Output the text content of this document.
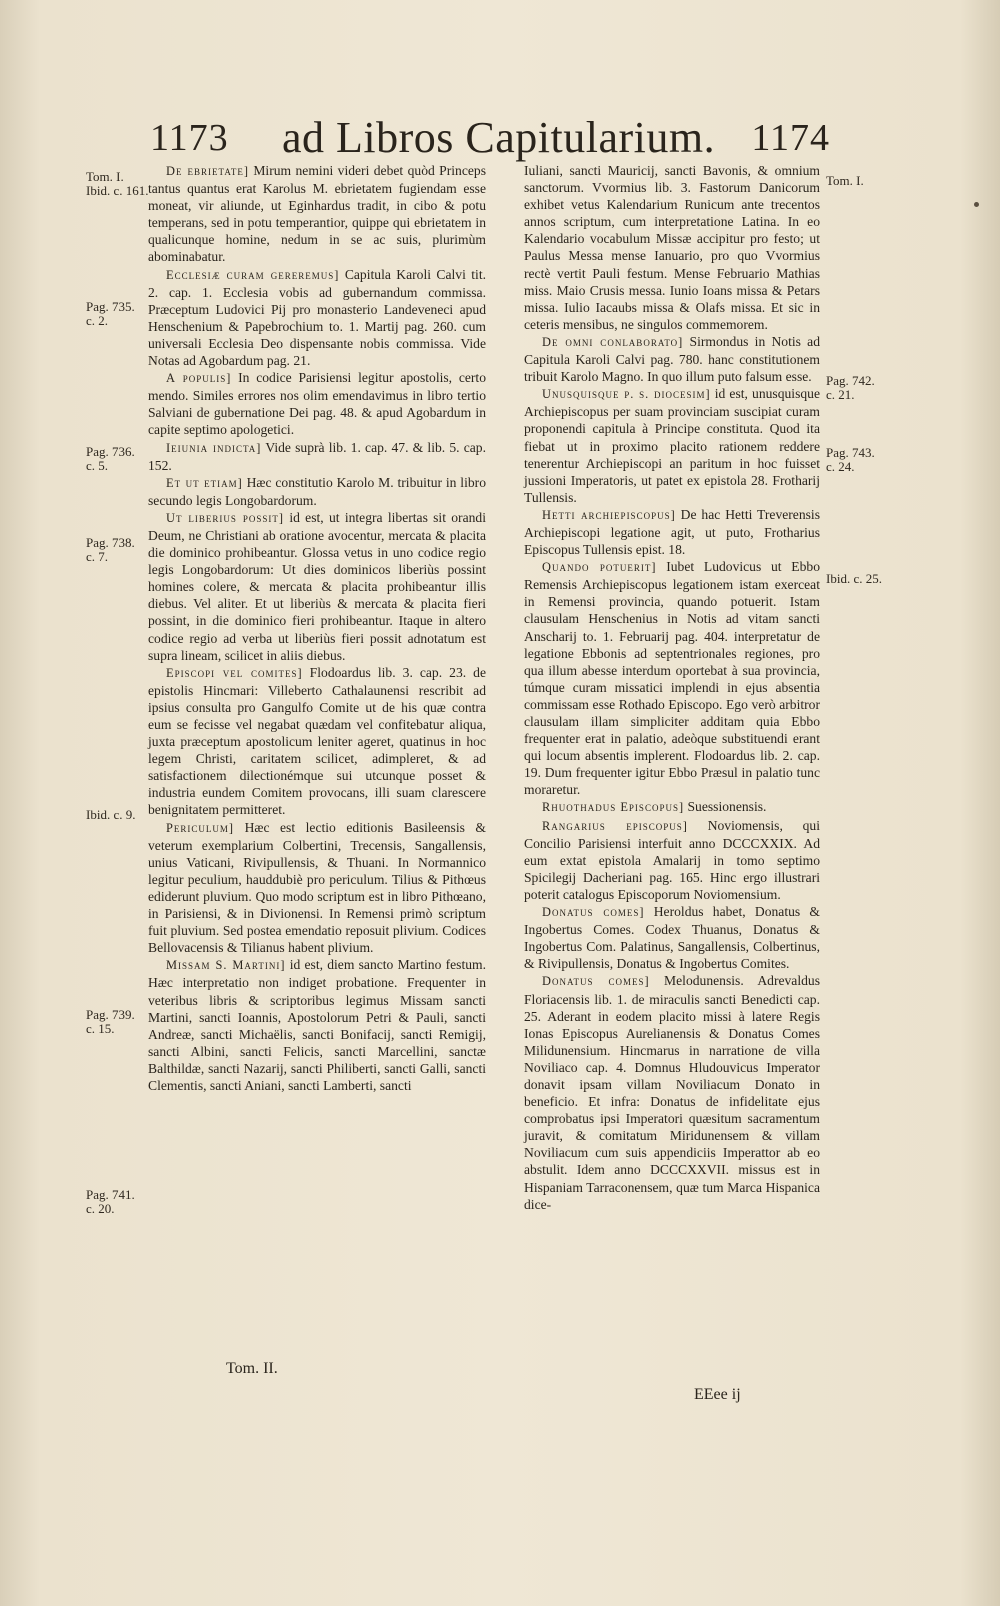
1173 ad Libros Capitularium. 1174
Tom. I.
Ibid. c. 161.
Pag. 735.
c. 2.
Pag. 736.
c. 5.
Pag. 738.
c. 7.
Ibid. c. 9.
Pag. 739.
c. 15.
Pag. 741.
c. 20.
Tom. I.
Pag. 742.
c. 21.
Pag. 743.
c. 24.
Ibid. c. 25.

De ebrietate] Mirum nemini videri debet quòd Princeps tantus quantus erat Karolus M. ebrietatem fugiendam esse moneat, vir aliunde, ut Eginhardus tradit, in cibo & potu temperans, sed in potu temperantior, quippe qui ebrietatem in qualicunque homine, nedum in se ac suis, plurimùm abominabatur.

Ecclesiæ curam gereremus] Capitula Karoli Calvi tit. 2. cap. 1. Ecclesia vobis ad gubernandum commissa. Præceptum Ludovici Pij pro monasterio Landeveneci apud Henschenium & Papebrochium to. 1. Martij pag. 260. cum universali Ecclesia Deo dispensante nobis commissa. Vide Notas ad Agobardum pag. 21.

A populis] In codice Parisiensi legitur apostolis, certo mendo. Similes errores nos olim emendavimus in libro tertio Salviani de gubernatione Dei pag. 48. & apud Agobardum in capite septimo apologetici.

Ieiunia indicta] Vide suprà lib. 1. cap. 47. & lib. 5. cap. 152.

Et ut etiam] Hæc constitutio Karolo M. tribuitur in libro secundo legis Longobardorum.

Ut liberius possit] id est, ut integra libertas sit orandi Deum, ne Christiani ab oratione avocentur, mercata & placita die dominico prohibeantur. Glossa vetus in uno codice regio legis Longobardorum: Ut dies dominicos liberiùs possint homines colere, & mercata & placita prohibeantur illis diebus. Vel aliter. Et ut liberiùs & mercata & placita fieri possint, in die dominico fieri prohibeantur. Itaque in altero codice regio ad verba ut liberiùs fieri possit adnotatum est supra lineam, scilicet in aliis diebus.

Episcopi vel comites] Flodoardus lib. 3. cap. 23. de epistolis Hincmari: Villeberto Cathalaunensi rescribit ad ipsius consulta pro Gangulfo Comite ut de his quæ contra eum se fecisse vel negabat quædam vel confitebatur aliqua, juxta præceptum apostolicum leniter ageret, quatinus in hoc legem Christi, caritatem scilicet, adimpleret, & ad satisfactionem dilectionémque sui utcunque posset & industria eundem Comitem provocans, illi suam clarescere benignitatem permitteret.

Periculum] Hæc est lectio editionis Basileensis & veterum exemplarium Colbertini, Trecensis, Sangallensis, unius Vaticani, Rivipullensis, & Thuani. In Normannico legitur peculium, hauddubiè pro periculum. Tilius & Pithœus ediderunt pluvium. Quo modo scriptum est in libro Pithœano, in Parisiensi, & in Divionensi. In Remensi primò scriptum fuit pluvium. Sed postea emendatio reposuit plivium. Codices Bellovacensis & Tilianus habent plivium.

Missam S. Martini] id est, diem sancto Martino festum. Hæc interpretatio non indiget probatione. Frequenter in veteribus libris & scriptoribus legimus Missam sancti Martini, sancti Ioannis, Apostolorum Petri & Pauli, sancti Andreæ, sancti Michaëlis, sancti Bonifacij, sancti Remigij, sancti Albini, sancti Felicis, sancti Marcellini, sanctæ Balthildæ, sancti Nazarij, sancti Philiberti, sancti Galli, sancti Clementis, sancti Aniani, sancti Lamberti, sancti

Iuliani, sancti Mauricij, sancti Bavonis, & omnium sanctorum. Vvormius lib. 3. Fastorum Danicorum exhibet vetus Kalendarium Runicum ante trecentos annos scriptum, cum interpretatione Latina. In eo Kalendario vocabulum Missæ accipitur pro festo; ut Paulus Messa mense Ianuario, pro quo Vvormius rectè vertit Pauli festum. Mense Februario Mathias miss. Maio Crusis messa. Iunio Ioans missa & Petars missa. Iulio Iacaubs missa & Olafs missa. Et sic in ceteris mensibus, ne singulos commemorem.

De omni conlaborato] Sirmondus in Notis ad Capitula Karoli Calvi pag. 780. hanc constitutionem tribuit Karolo Magno. In quo illum puto falsum esse.

Unusquisque p. s. diocesim] id est, unusquisque Archiepiscopus per suam provinciam suscipiat curam proponendi capitula à Principe constituta. Quod ita fiebat ut in proximo placito rationem reddere tenerentur Archiepiscopi an paritum in hoc fuisset jussioni Imperatoris, ut patet ex epistola 28. Frotharij Tullensis.

Hetti archiepiscopus] De hac Hetti Treverensis Archiepiscopi legatione agit, ut puto, Frotharius Episcopus Tullensis epist. 18.

Quando potuerit] Iubet Ludovicus ut Ebbo Remensis Archiepiscopus legationem istam exerceat in Remensi provincia, quando potuerit. Istam clausulam Henschenius in Notis ad vitam sancti Anscharij to. 1. Februarij pag. 404. interpretatur de legatione Ebbonis ad septentrionales regiones, pro qua illum abesse interdum oportebat à sua provincia, túmque curam missatici implendi in ejus absentia commissam esse Rothado Episcopo. Ego verò arbitror clausulam illam simpliciter additam quia Ebbo frequenter erat in palatio, adeòque substituendi erant qui locum absentis implerent. Flodoardus lib. 2. cap. 19. Dum frequenter igitur Ebbo Præsul in palatio tunc moraretur.

Rhuothadus Episcopus] Suessionensis.

Rangarius episcopus] Noviomensis, qui Concilio Parisiensi interfuit anno DCCCXXIX. Ad eum extat epistola Amalarij in tomo septimo Spicilegij Dacheriani pag. 165. Hinc ergo illustrari poterit catalogus Episcoporum Noviomensium.

Donatus comes] Heroldus habet, Donatus & Ingobertus Comes. Codex Thuanus, Donatus & Ingobertus Com. Palatinus, Sangallensis, Colbertinus, & Rivipullensis, Donatus & Ingobertus Comites.

Donatus comes] Melodunensis. Adrevaldus Floriacensis lib. 1. de miraculis sancti Benedicti cap. 25. Aderant in eodem placito missi à latere Regis Ionas Episcopus Aurelianensis & Donatus Comes Milidunensium. Hincmarus in narratione de villa Noviliaco cap. 4. Domnus Hludouvicus Imperator donavit ipsam villam Noviliacum Donato in beneficio. Et infra: Donatus de infidelitate ejus comprobatus ipsi Imperatori quæsitum sacramentum juravit, & comitatum Miridunensem & villam Noviliacum cum suis appendiciis Imperattor ab eo abstulit. Idem anno DCCCXXVII. missus est in Hispaniam Tarraconensem, quæ tum Marca Hispanica dice-

Tom. II.
EEee ij
